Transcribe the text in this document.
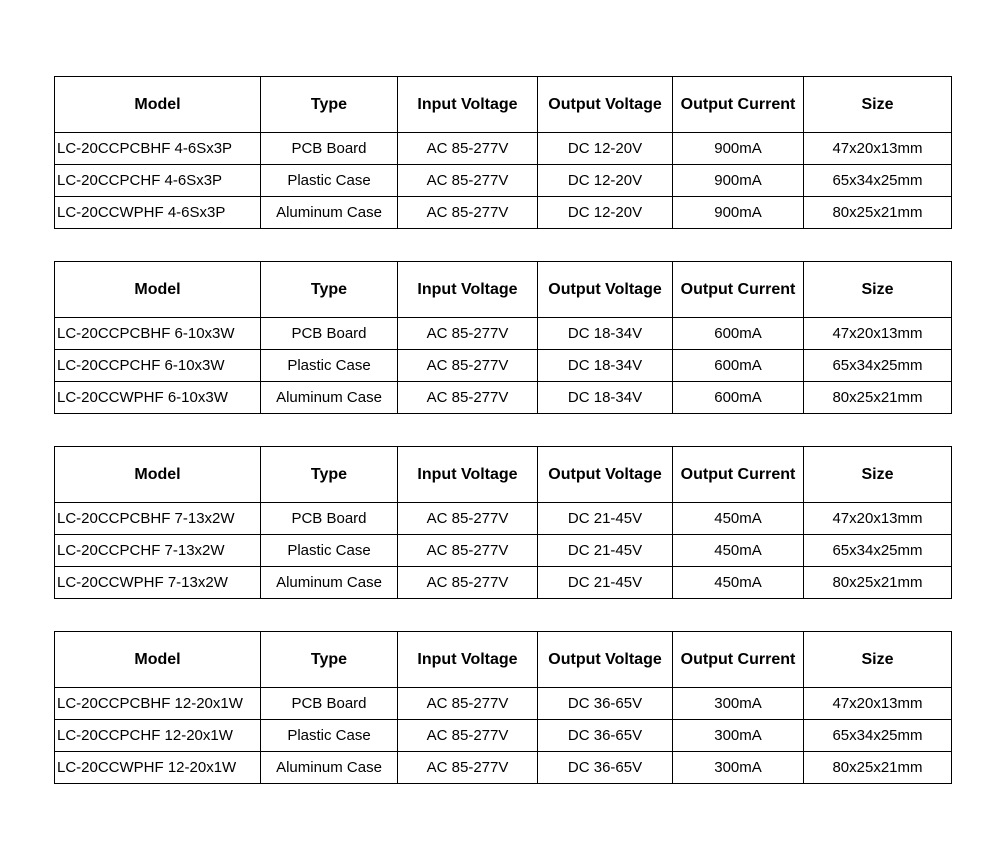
Model	Type	Input Voltage	Output Voltage	Output Current	Size
LC-20CCPCBHF 4-6Sx3P	PCB Board	AC 85-277V	DC 12-20V	900mA	47x20x13mm
LC-20CCPCHF 4-6Sx3P	Plastic Case	AC 85-277V	DC 12-20V	900mA	65x34x25mm
LC-20CCWPHF 4-6Sx3P	Aluminum Case	AC 85-277V	DC 12-20V	900mA	80x25x21mm
Model	Type	Input Voltage	Output Voltage	Output Current	Size
LC-20CCPCBHF 6-10x3W	PCB Board	AC 85-277V	DC 18-34V	600mA	47x20x13mm
LC-20CCPCHF 6-10x3W	Plastic Case	AC 85-277V	DC 18-34V	600mA	65x34x25mm
LC-20CCWPHF 6-10x3W	Aluminum Case	AC 85-277V	DC 18-34V	600mA	80x25x21mm
Model	Type	Input Voltage	Output Voltage	Output Current	Size
LC-20CCPCBHF 7-13x2W	PCB Board	AC 85-277V	DC 21-45V	450mA	47x20x13mm
LC-20CCPCHF 7-13x2W	Plastic Case	AC 85-277V	DC 21-45V	450mA	65x34x25mm
LC-20CCWPHF 7-13x2W	Aluminum Case	AC 85-277V	DC 21-45V	450mA	80x25x21mm
Model	Type	Input Voltage	Output Voltage	Output Current	Size
LC-20CCPCBHF 12-20x1W	PCB Board	AC 85-277V	DC 36-65V	300mA	47x20x13mm
LC-20CCPCHF 12-20x1W	Plastic Case	AC 85-277V	DC 36-65V	300mA	65x34x25mm
LC-20CCWPHF 12-20x1W	Aluminum Case	AC 85-277V	DC 36-65V	300mA	80x25x21mm
